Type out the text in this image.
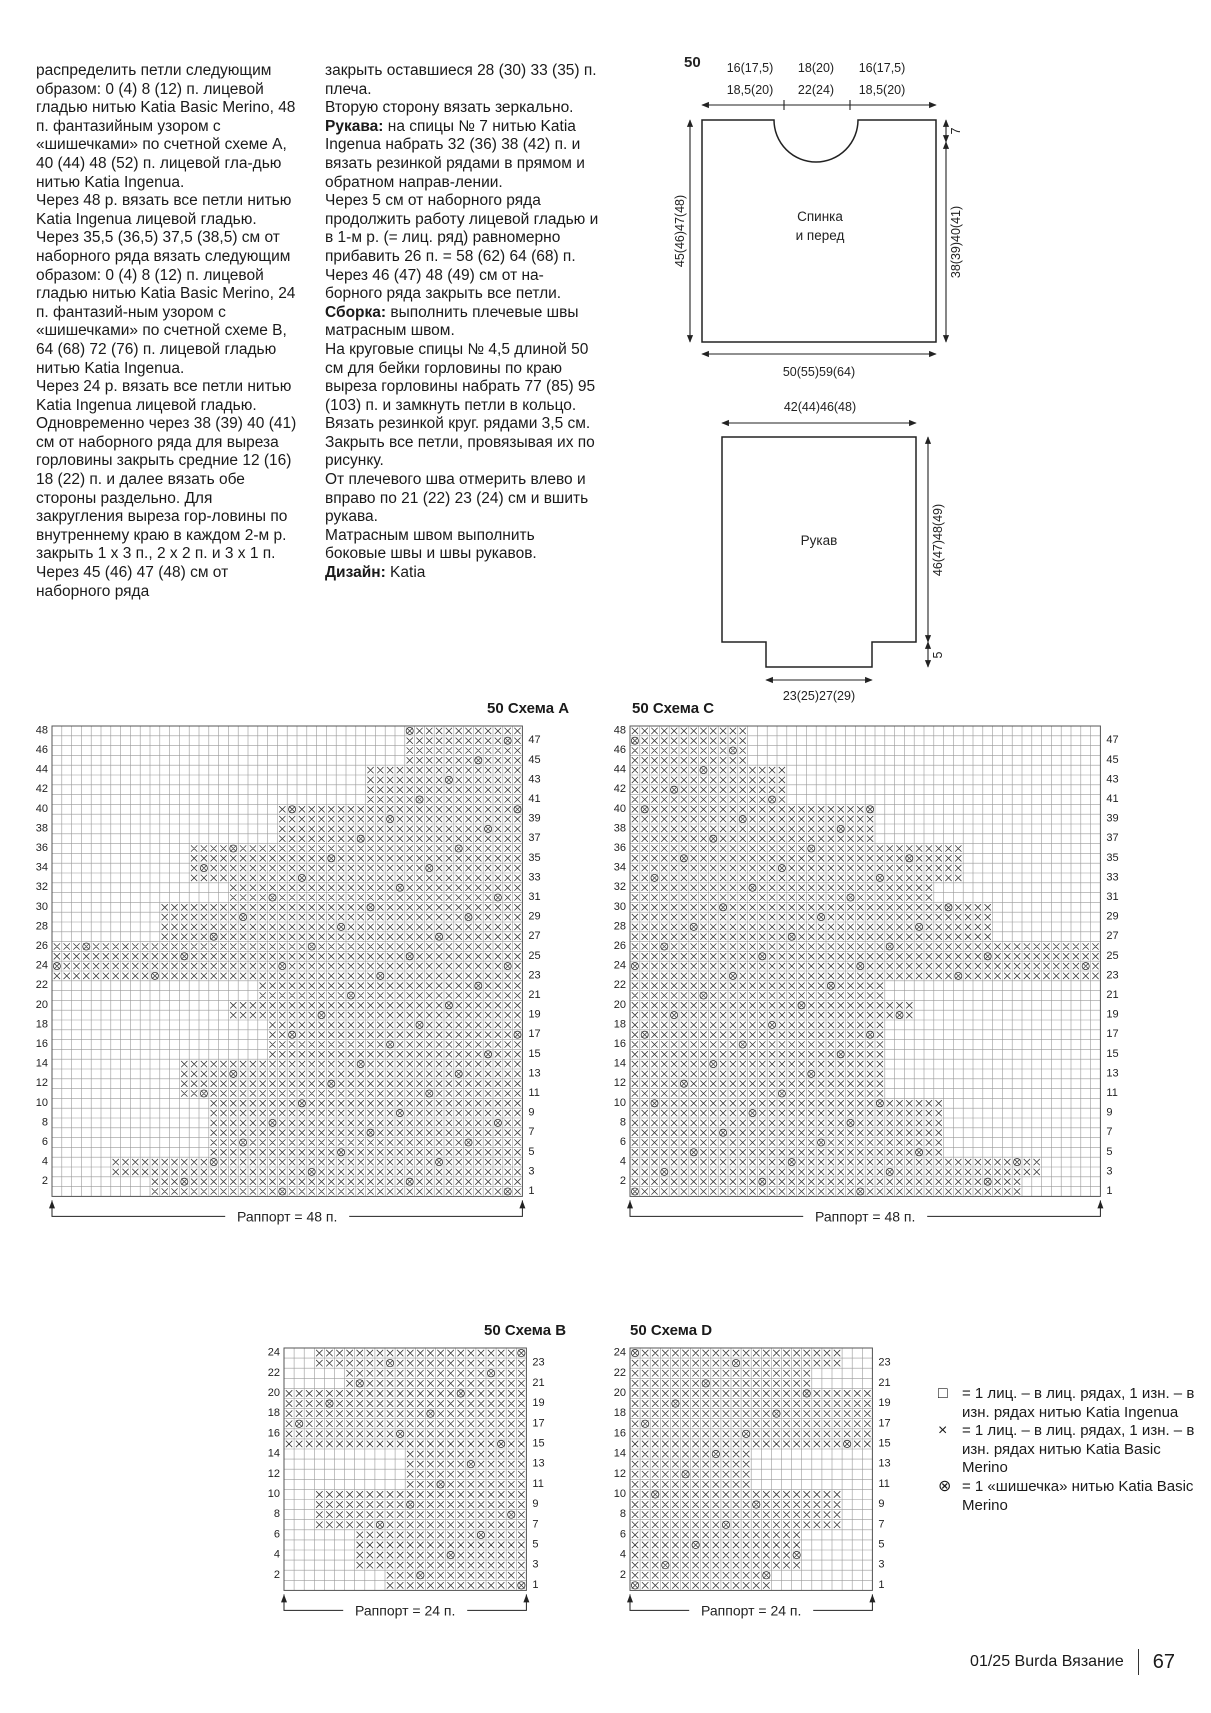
распределить петли следующим образом: 0 (4) 8 (12) п. лицевой гладью нитью Katia Basic Merino, 48 п. фантазийным узором с «шишечками» по счетной схеме А, 40 (44) 48 (52) п. лицевой гла-дью нитью Katia Ingenua.

Через 48 р. вязать все петли нитью Katia Ingenua лицевой гладью.

Через 35,5 (36,5) 37,5 (38,5) см от наборного ряда вязать следующим образом: 0 (4) 8 (12) п. лицевой гладью нитью Katia Basic Merino, 24 п. фантазий-ным узором с «шишечками» по счетной схеме В, 64 (68) 72 (76) п. лицевой гладью нитью Katia Ingenua.

Через 24 р. вязать все петли нитью Katia Ingenua лицевой гладью.

Одновременно через 38 (39) 40 (41) см от наборного ряда для выреза горловины закрыть средние 12 (16) 18 (22) п. и далее вязать обе стороны раздельно. Для закругления выреза гор-ловины по внутреннему краю в каждом 2-м р. закрыть 1 х 3 п., 2 х 2 п. и 3 х 1 п. Через 45 (46) 47 (48) см от наборного ряда

закрыть оставшиеся 28 (30) 33 (35) п. плеча.

Вторую сторону вязать зеркально.

Рукава: на спицы № 7 нитью Katia Ingenua набрать 32 (36) 38 (42) п. и вязать резинкой рядами в прямом и обратном направ-лении.

Через 5 см от наборного ряда продолжить работу лицевой гладью и в 1-м р. (= лиц. ряд) равномерно прибавить 26 п. = 58 (62) 64 (68) п.

Через 46 (47) 48 (49) см от на-борного ряда закрыть все петли.

Сборка: выполнить плечевые швы матрасным швом.

На круговые спицы № 4,5 длиной 50 см для бейки горловины по краю выреза горловины набрать 77 (85) 95 (103) п. и замкнуть петли в кольцо.

Вязать резинкой круг. рядами 3,5 см.

Закрыть все петли, провязывая их по рисунку.

От плечевого шва отмерить влево и вправо по 21 (22) 23 (24) см и вшить рукава.

Матрасным швом выполнить боковые швы и швы рукавов.

Дизайн: Katia

50 16(17,5) 18(20) 16(17,5)
18,5(20) 22(24) 18,5(20)
Спинка
и перед
45(46)47(48)
7
38(39)40(41)
50(55)59(64)
42(44)46(48)
Рукав	46(47)48(49)
5
23(25)27(29)
50 Схема А	50 Схема С
50 Схема В	50 Схема D
1
2
3
4
5
6
7
8
9
10
11
12
13
14
15
16
17
18
19
20
21
22
23
24
25
26
27
28
29
30
31
32
33
34
35
36
37
38
39
40
41
42
43
44
45
46
47
48
Раппорт = 48 п.
1
2
3
4
5
6
7
8
9
10
11
12
13
14
15
16
17
18
19
20
21
22
23
24
25
26
27
28
29
30
31
32
33
34
35
36
37
38
39
40
41
42
43
44
45
46
47
48
Раппорт = 48 п.
1
2
3
4
5
6
7
8
9
10
11
12
13
14
15
16
17
18
19
20
21
22
23
24
Раппорт = 24 п.
1
2
3
4
5
6
7
8
9
10
11
12
13
14
15
16
17
18
19
20
21
22
23
24
Раппорт = 24 п.
□ = 1 лиц. – в лиц. рядах, 1 изн. – в изн. рядах нитью Katia Ingenua
× = 1 лиц. – в лиц. рядах, 1 изн. – в изн. рядах нитью Katia Basic Merino
⊗ = 1 «шишечка» нитью Katia Basic Merino
01/25
Burda Вязание 67
